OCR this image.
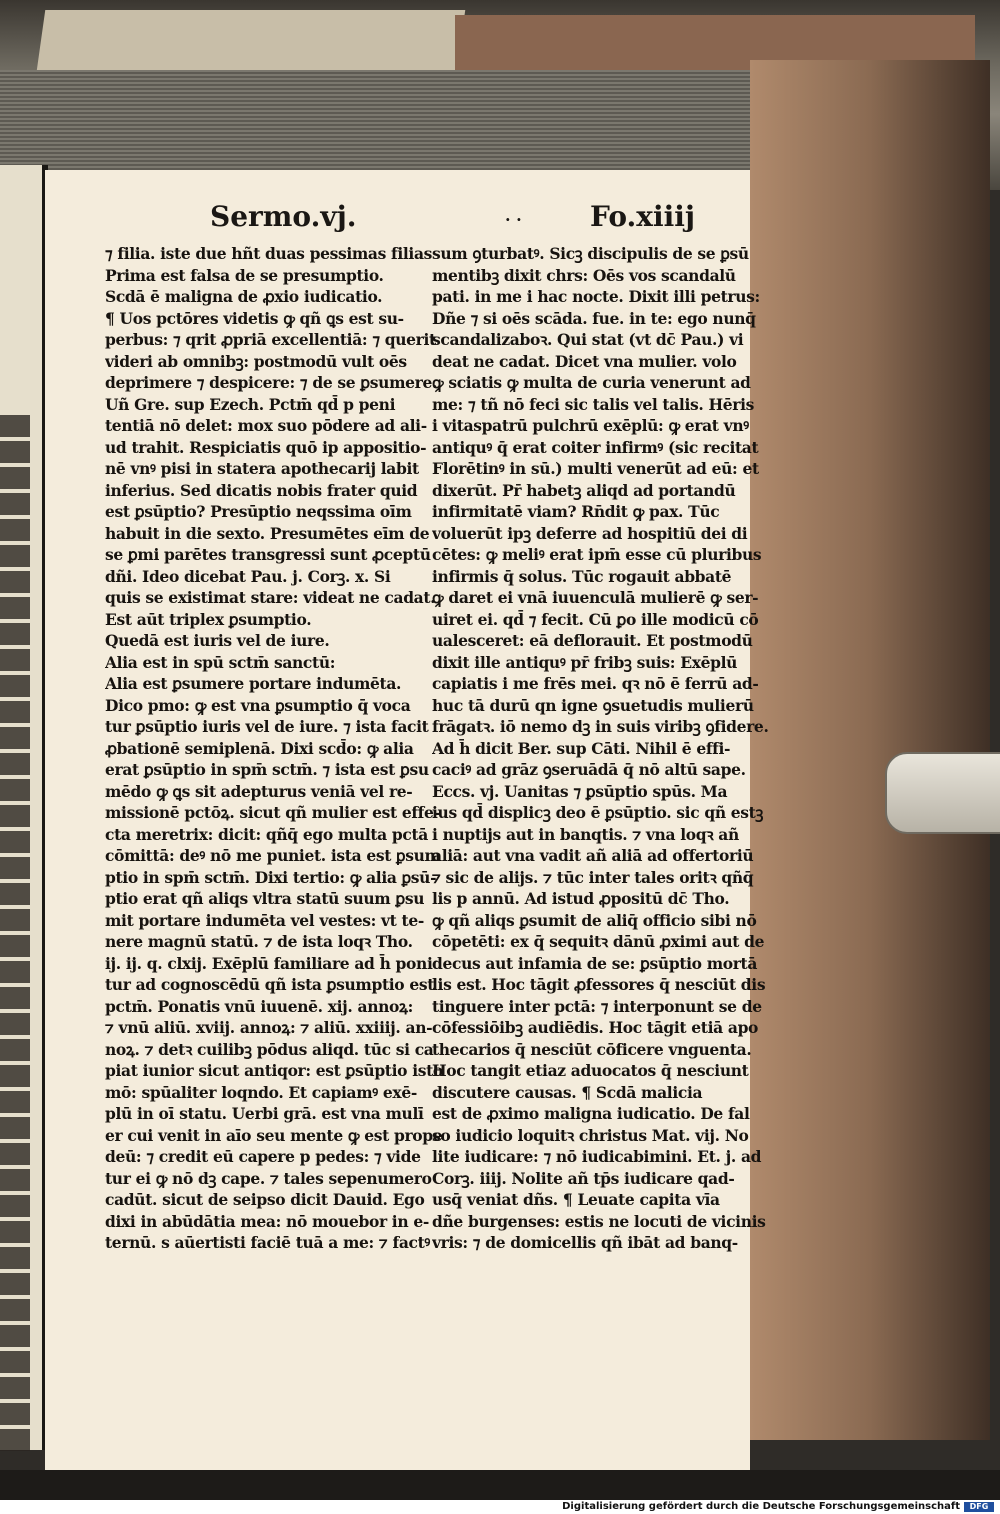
Sermo.vj.	· · Fo.xiiij
⁊ filia. iste due hñt duas pessimas filias
Prima est falsa de se presumptio.
Scdā ē maligna de ꝓxio iudicatio.
¶ Uos pctōres videtis ꝙ qñ ꝗs est su-
perbus: ⁊ qrit ꝓpriā excellentiā: ⁊ querit
videri ab omnibꝫ: postmodū vult oēs
deprimere ⁊ despicere: ⁊ de se ꝑsumere.
Uñ Gre. sup Ezech. Pctm̄ qd̄ p peni
tentiā nō delet: mox suo pōdere ad ali-
ud trahit. Respiciatis quō ip appositio-
nē vnꝰ pisi in statera apothecarij labit
inferius. Sed dicatis nobis frater quid
est ꝑsūptio? Presūptio neqssima oīm
habuit in die sexto. Presumētes eīm de
se ꝑmi parētes transgressi sunt ꝓceptū
dñi. Ideo dicebat Pau. j. Corꝫ. x. Si
quis se existimat stare: videat ne cadat.
Est aūt triplex ꝑsumptio.
Quedā est iuris vel de iure.
Alia est in spū sctm̄ sanctū:
Alia est ꝑsumere portare indumēta.
Dico pmo: ꝙ est vna ꝑsumptio q̄ voca
tur ꝑsūptio iuris vel de iure. ⁊ ista facit
ꝓbationē semiplenā. Dixi scd̄o: ꝙ alia
erat ꝑsūptio in spm̄ sctm̄. ⁊ ista est ꝑsu
mēdo ꝙ ꝗs sit adepturus veniā vel re-
missionē pctōꝝ. sicut qñ mulier est effe-
cta meretrix: dicit: qñq̄ ego multa pctā
cōmittā: deꝰ nō me puniet. ista est ꝑsum
ptio in spm̄ sctm̄. Dixi tertio: ꝙ alia ꝑsū-
ptio erat qñ aliqs vltra statū suum ꝑsu
mit portare indumēta vel vestes: vt te-
nere magnū statū. ⁊ de ista loqꝛ Tho.
ij. ij. q. clxij. Exēplū familiare ad h̄ poni
tur ad cognoscēdū qñ ista ꝑsumptio est
pctm̄. Ponatis vnū iuuenē. xij. annoꝝ:
⁊ vnū aliū. xviij. annoꝝ: ⁊ aliū. xxiiij. an-
noꝝ. ⁊ detꝛ cuilibꝫ pōdus aliqd. tūc si ca
piat iunior sicut antiqor: est ꝑsūptio isto
mō: spūaliter loqndo. Et capiamꝰ exē-
plū in oī statu. Uerbi grā. est vna mulī
er cui venit in aīo seu mente ꝙ est prope
deū: ⁊ credit eū capere p pedes: ⁊ vide
tur ei ꝙ nō dꝫ cape. ⁊ tales sepenumero
cadūt. sicut de seipso dicit Dauid. Ego
dixi in abūdātia mea: nō mouebor in e-
ternū. s aūertisti faciē tuā a me: ⁊ factꝰ
sum ꝯturbatꝰ. Sicꝫ discipulis de se ꝑsū
mentibꝫ dixit chrs: Oēs vos scandalū
pati. in me i hac nocte. Dixit illi petrus:
Dñe ⁊ si oēs scāda. fue. in te: ego nunq̄
scandalizaboꝛ. Qui stat (vt dc̄ Pau.) vi
deat ne cadat. Dicet vna mulier. volo
ꝙ sciatis ꝙ multa de curia venerunt ad
me: ⁊ tñ nō feci sic talis vel talis. Hēris
i vitaspatrū pulchrū exēplū: ꝙ erat vnꝰ
antiquꝰ q̄ erat coiter infirmꝰ (sic recitat
Florētinꝰ in sū.) multi venerūt ad eū: et
dixerūt. Pr̄ habetꝫ aliqd ad portandū
infirmitatē viam? Rn̄dit ꝙ pax. Tūc
voluerūt ipꝫ deferre ad hospitiū dei di
cētes: ꝙ meliꝰ erat ipm̄ esse cū pluribus
infirmis q̄ solus. Tūc rogauit abbatē
ꝙ daret ei vnā iuuenculā mulierē ꝙ ser-
uiret ei. qd̄ ⁊ fecit. Cū ꝑo ille modicū cō
ualesceret: eā deflorauit. Et postmodū
dixit ille antiquꝰ pr̄ fribꝫ suis: Exēplū
capiatis i me frēs mei. qꝛ nō ē ferrū ad-
huc tā durū qn igne ꝯsuetudis mulierū
frāgatꝛ. iō nemo dꝫ in suis viribꝫ ꝯfidere.
Ad h̄ dicit Ber. sup Cāti. Nihil ē effi-
caciꝰ ad grāz ꝯseruādā q̄ nō altū sape.
Eccs. vj. Uanitas ⁊ ꝑsūptio spūs. Ma
ius qd̄ displicꝫ deo ē ꝑsūptio. sic qñ estꝫ
i nuptijs aut in banqtis. ⁊ vna loqꝛ añ
aliā: aut vna vadit añ aliā ad offertoriū
⁊ sic de alijs. ⁊ tūc inter tales oritꝛ qñq̄
lis p annū. Ad istud ꝓpositū dc̄ Tho.
ꝙ qñ aliqs ꝑsumit de aliq̄ officio sibi nō
cōpetēti: ex q̄ sequitꝛ dānū ꝓximi aut de
decus aut infamia de se: ꝑsūptio mortā
lis est. Hoc tāgit ꝓfessores q̄ nesciūt dis
tinguere inter pctā: ⁊ interponunt se de
cōfessiōibꝫ audiēdis. Hoc tāgit etiā apo
thecarios q̄ nesciūt cōficere vnguenta.
Hoc tangit etiaz aduocatos q̄ nesciunt
discutere causas. ¶ Scdā malicia
est de ꝓximo maligna iudicatio. De fal
so iudicio loquitꝛ christus Mat. vij. No
lite iudicare: ⁊ nō iudicabimini. Et. j. ad
Corꝫ. iiij. Nolite añ tp̄s iudicare qad-
usq̄ veniat dñs. ¶ Leuate capita vīa
dñe burgenses: estis ne locuti de vicinis
vris: ⁊ de domicellis qñ ibāt ad banq-
Digitalisierung gefördert durch die Deutsche Forschungsgemeinschaft	DFG
